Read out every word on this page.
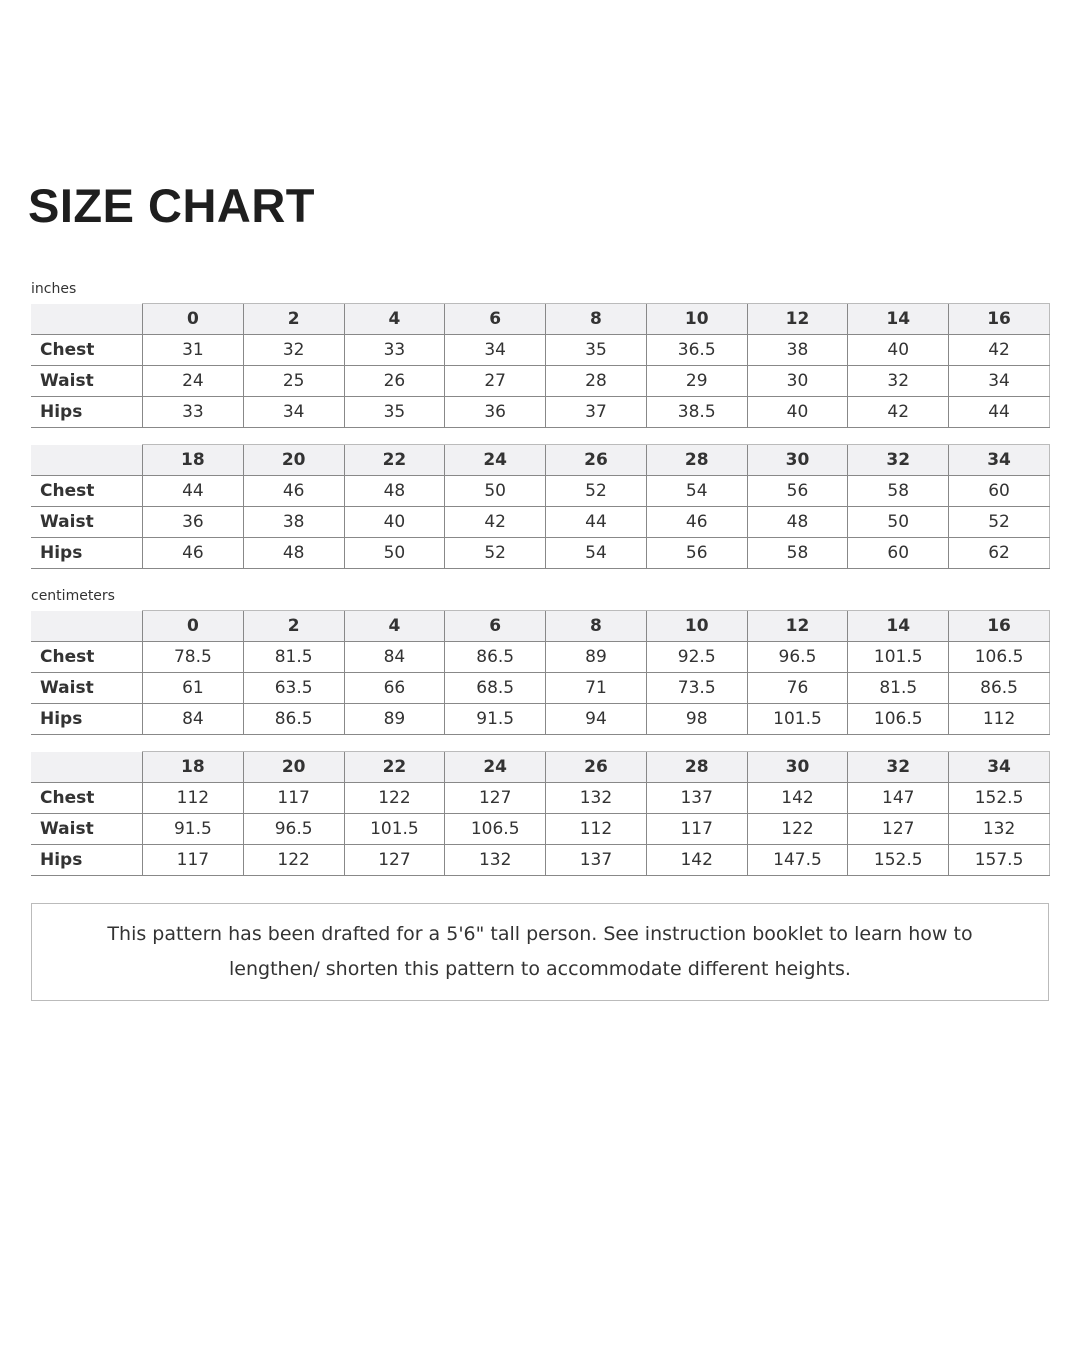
SIZE CHART
inches
	0	2	4	6	8	10	12	14	16
Chest	31	32	33	34	35	36.5	38	40	42
Waist	24	25	26	27	28	29	30	32	34
Hips	33	34	35	36	37	38.5	40	42	44
	18	20	22	24	26	28	30	32	34
Chest	44	46	48	50	52	54	56	58	60
Waist	36	38	40	42	44	46	48	50	52
Hips	46	48	50	52	54	56	58	60	62
centimeters
	0	2	4	6	8	10	12	14	16
Chest	78.5	81.5	84	86.5	89	92.5	96.5	101.5	106.5
Waist	61	63.5	66	68.5	71	73.5	76	81.5	86.5
Hips	84	86.5	89	91.5	94	98	101.5	106.5	112
	18	20	22	24	26	28	30	32	34
Chest	112	117	122	127	132	137	142	147	152.5
Waist	91.5	96.5	101.5	106.5	112	117	122	127	132
Hips	117	122	127	132	137	142	147.5	152.5	157.5
This pattern has been drafted for a 5'6" tall person. See instruction booklet to learn how to lengthen/ shorten this pattern to accommodate different heights.
